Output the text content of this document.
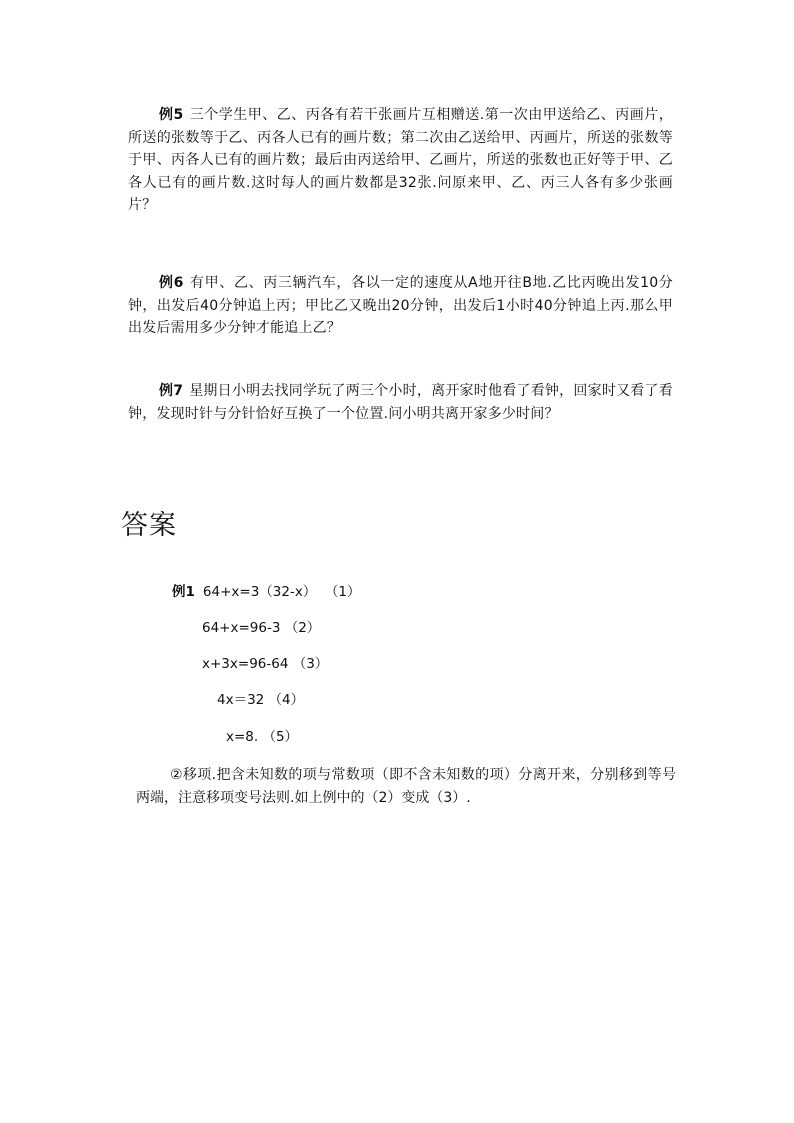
例5 三个学生甲、乙、丙各有若干张画片互相赠送.第一次由甲送给乙、丙画片，所送的张数等于乙、丙各人已有的画片数；第二次由乙送给甲、丙画片，所送的张数等于甲、丙各人已有的画片数；最后由丙送给甲、乙画片，所送的张数也正好等于甲、乙各人已有的画片数.这时每人的画片数都是32张.问原来甲、乙、丙三人各有多少张画片？
例6 有甲、乙、丙三辆汽车，各以一定的速度从A地开往B地.乙比丙晚出发10分钟，出发后40分钟追上丙；甲比乙又晚出20分钟，出发后1小时40分钟追上丙.那么甲出发后需用多少分钟才能追上乙？
例7 星期日小明去找同学玩了两三个小时，离开家时他看了看钟，回家时又看了看钟，发现时针与分针恰好互换了一个位置.问小明共离开家多少时间？
答案
例1 64+x=3（32-x）  （1）
64+x=96-3 （2）
x+3x=96-64 （3）
4x＝32 （4）
x=8. （5）
②移项.把含未知数的项与常数项（即不含未知数的项）分离开来，分别移到等号两端，注意移项变号法则.如上例中的（2）变成（3）.
